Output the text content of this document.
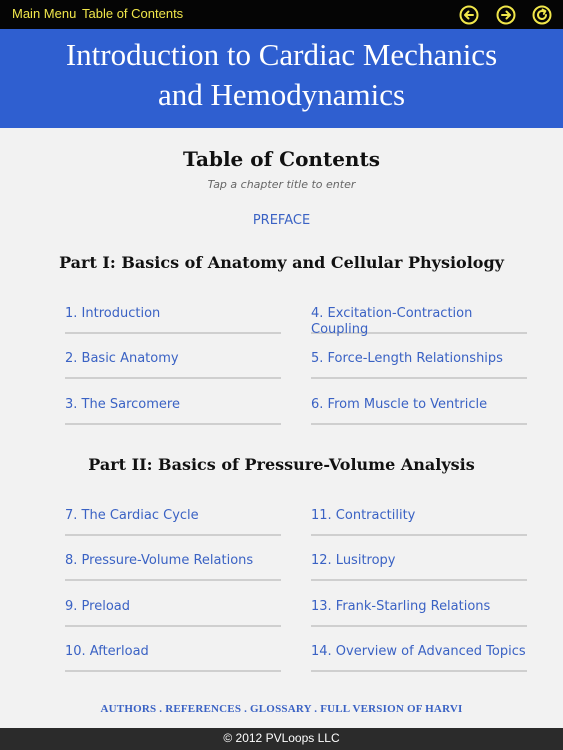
Main Menu Table of Contents
Introduction to Cardiac Mechanics
and Hemodynamics
Table of Contents
Tap a chapter title to enter
PREFACE
Part I: Basics of Anatomy and Cellular Physiology
1. Introduction	4. Excitation-Contraction Coupling
2. Basic Anatomy	5. Force-Length Relationships
3. The Sarcomere	6. From Muscle to Ventricle
Part II: Basics of Pressure-Volume Analysis
7. The Cardiac Cycle	11. Contractility
8. Pressure-Volume Relations	12. Lusitropy
9. Preload	13. Frank-Starling Relations
10. Afterload	14. Overview of Advanced Topics
AUTHORS . REFERENCES . GLOSSARY . FULL VERSION OF HARVI
© 2012 PVLoops LLC
